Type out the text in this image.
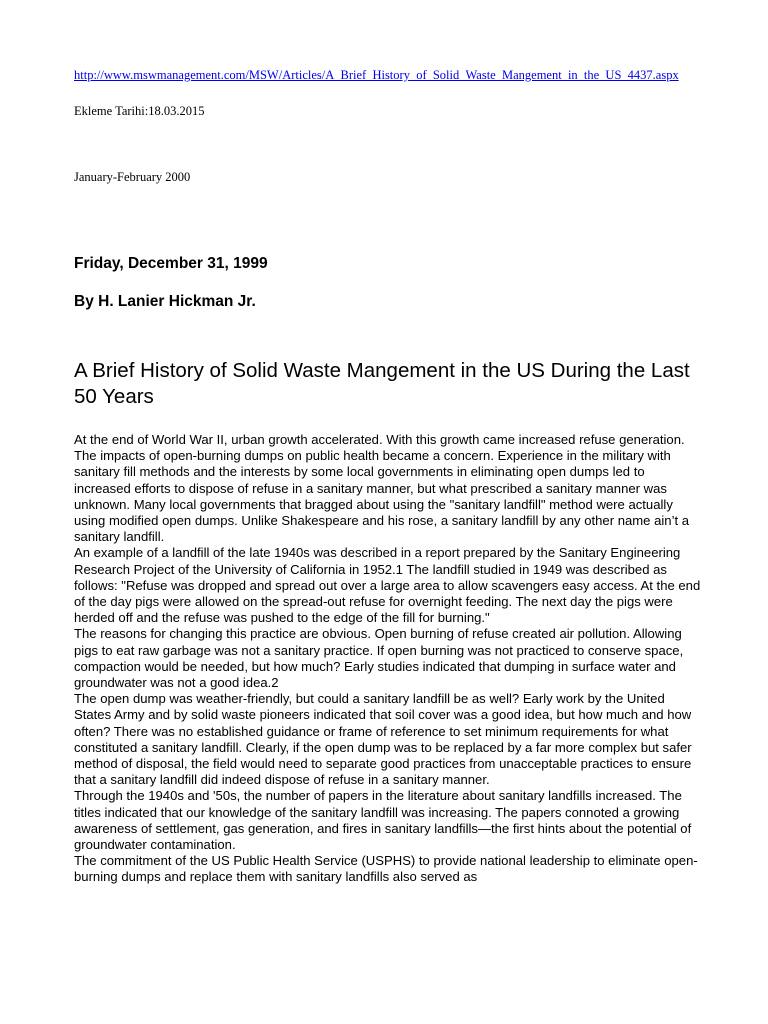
http://www.mswmanagement.com/MSW/Articles/A_Brief_History_of_Solid_Waste_Mangement_in_the_US_4437.aspx
Ekleme Tarihi:18.03.2015
January-February 2000
Friday, December 31, 1999
By H. Lanier Hickman Jr.
A Brief History of Solid Waste Mangement in the US During the Last 50 Years

At the end of World War II, urban growth accelerated. With this growth came increased refuse generation. The impacts of open-burning dumps on public health became a concern. Experience in the military with sanitary fill methods and the interests by some local governments in eliminating open dumps led to increased efforts to dispose of refuse in a sanitary manner, but what prescribed a sanitary manner was unknown. Many local governments that bragged about using the "sanitary landfill" method were actually using modified open dumps. Unlike Shakespeare and his rose, a sanitary landfill by any other name ain’t a sanitary landfill.

An example of a landfill of the late 1940s was described in a report prepared by the Sanitary Engineering Research Project of the University of California in 1952.1 The landfill studied in 1949 was described as follows: "Refuse was dropped and spread out over a large area to allow scavengers easy access. At the end of the day pigs were allowed on the spread-out refuse for overnight feeding. The next day the pigs were herded off and the refuse was pushed to the edge of the fill for burning."

The reasons for changing this practice are obvious. Open burning of refuse created air pollution. Allowing pigs to eat raw garbage was not a sanitary practice. If open burning was not practiced to conserve space, compaction would be needed, but how much? Early studies indicated that dumping in surface water and groundwater was not a good idea.2

The open dump was weather-friendly, but could a sanitary landfill be as well? Early work by the United States Army and by solid waste pioneers indicated that soil cover was a good idea, but how much and how often? There was no established guidance or frame of reference to set minimum requirements for what constituted a sanitary landfill. Clearly, if the open dump was to be replaced by a far more complex but safer method of disposal, the field would need to separate good practices from unacceptable practices to ensure that a sanitary landfill did indeed dispose of refuse in a sanitary manner.

Through the 1940s and '50s, the number of papers in the literature about sanitary landfills increased. The titles indicated that our knowledge of the sanitary landfill was increasing. The papers connoted a growing awareness of settlement, gas generation, and fires in sanitary landfills—the first hints about the potential of groundwater contamination.

The commitment of the US Public Health Service (USPHS) to provide national leadership to eliminate open-burning dumps and replace them with sanitary landfills also served as
